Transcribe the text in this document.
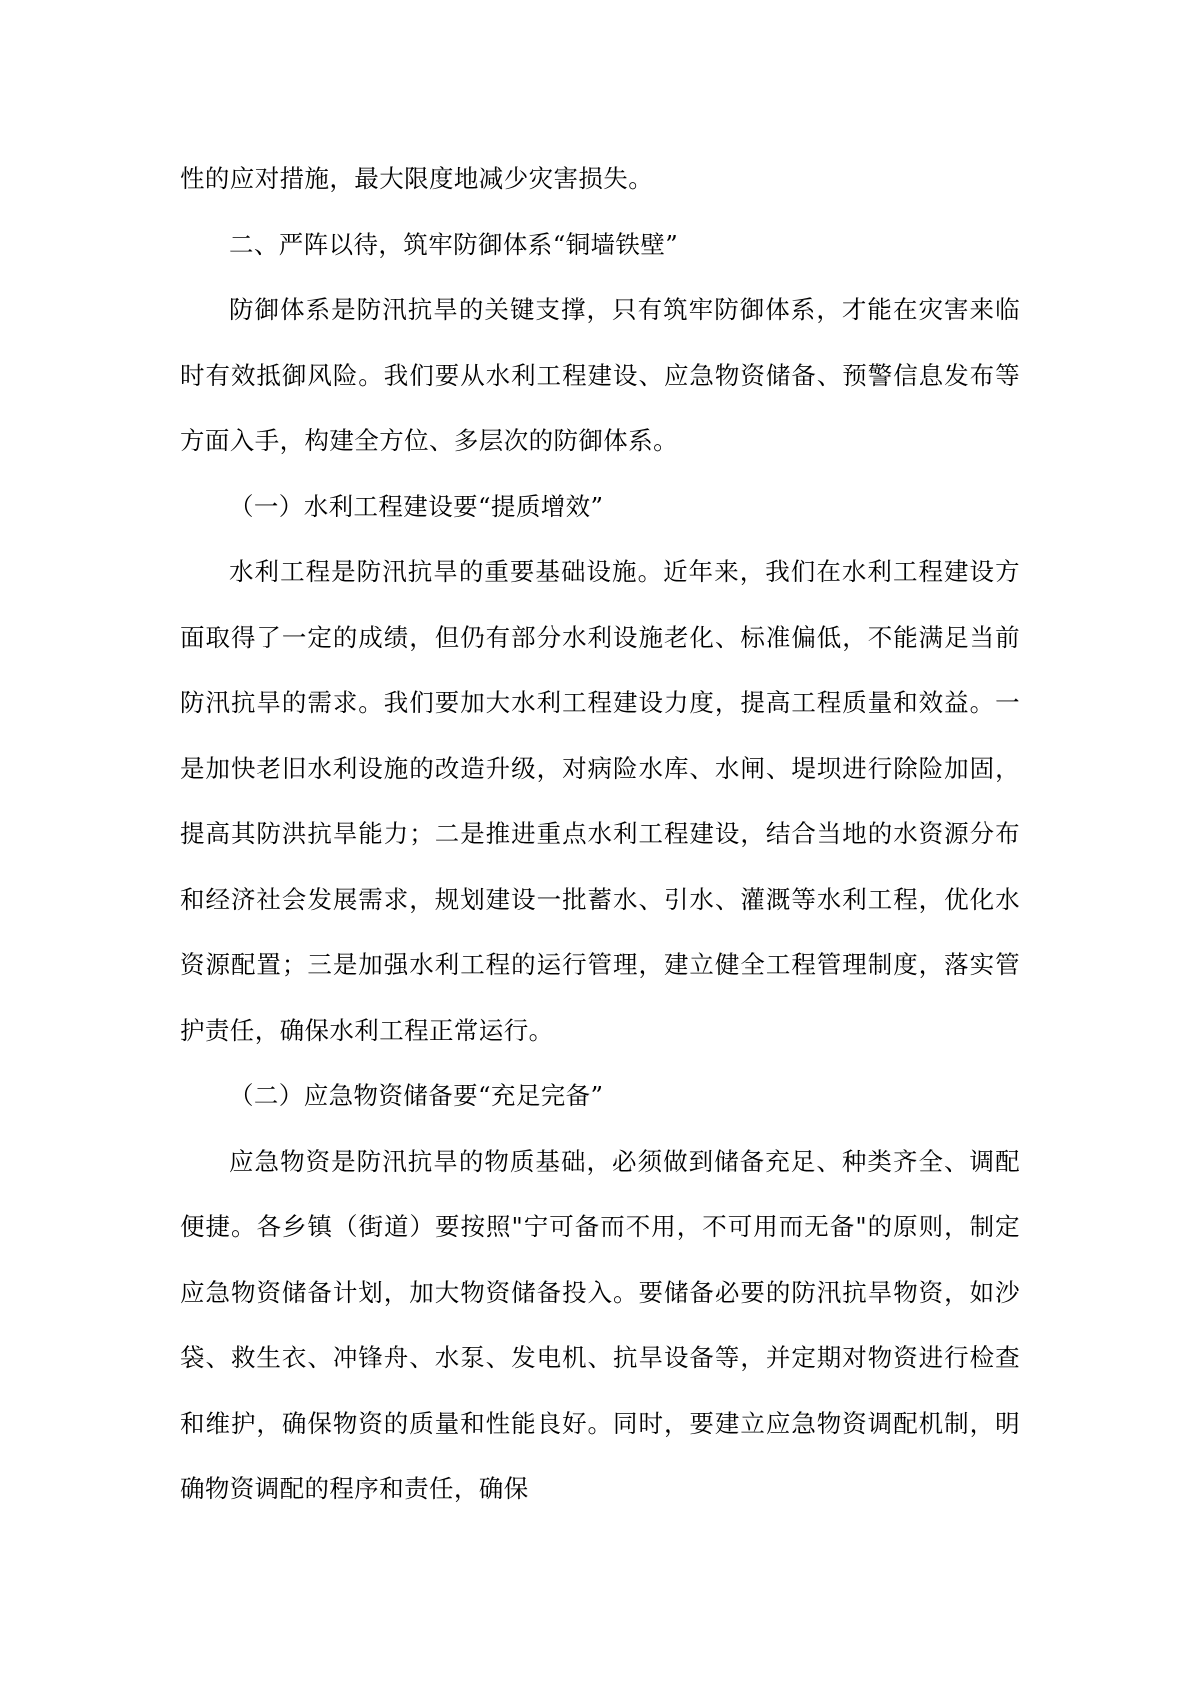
性的应对措施，最大限度地减少灾害损失。

二、严阵以待，筑牢防御体系“铜墙铁壁”

防御体系是防汛抗旱的关键支撑，只有筑牢防御体系，才能在灾害来临时有效抵御风险。我们要从水利工程建设、应急物资储备、预警信息发布等方面入手，构建全方位、多层次的防御体系。

（一）水利工程建设要“提质增效”

水利工程是防汛抗旱的重要基础设施。近年来，我们在水利工程建设方面取得了一定的成绩，但仍有部分水利设施老化、标准偏低，不能满足当前防汛抗旱的需求。我们要加大水利工程建设力度，提高工程质量和效益。一是加快老旧水利设施的改造升级，对病险水库、水闸、堤坝进行除险加固，提高其防洪抗旱能力；二是推进重点水利工程建设，结合当地的水资源分布和经济社会发展需求，规划建设一批蓄水、引水、灌溉等水利工程，优化水资源配置；三是加强水利工程的运行管理，建立健全工程管理制度，落实管护责任，确保水利工程正常运行。

（二）应急物资储备要“充足完备”

应急物资是防汛抗旱的物质基础，必须做到储备充足、种类齐全、调配便捷。各乡镇（街道）要按照"宁可备而不用，不可用而无备"的原则，制定应急物资储备计划，加大物资储备投入。要储备必要的防汛抗旱物资，如沙袋、救生衣、冲锋舟、水泵、发电机、抗旱设备等，并定期对物资进行检查和维护，确保物资的质量和性能良好。同时，要建立应急物资调配机制，明确物资调配的程序和责任，确保
